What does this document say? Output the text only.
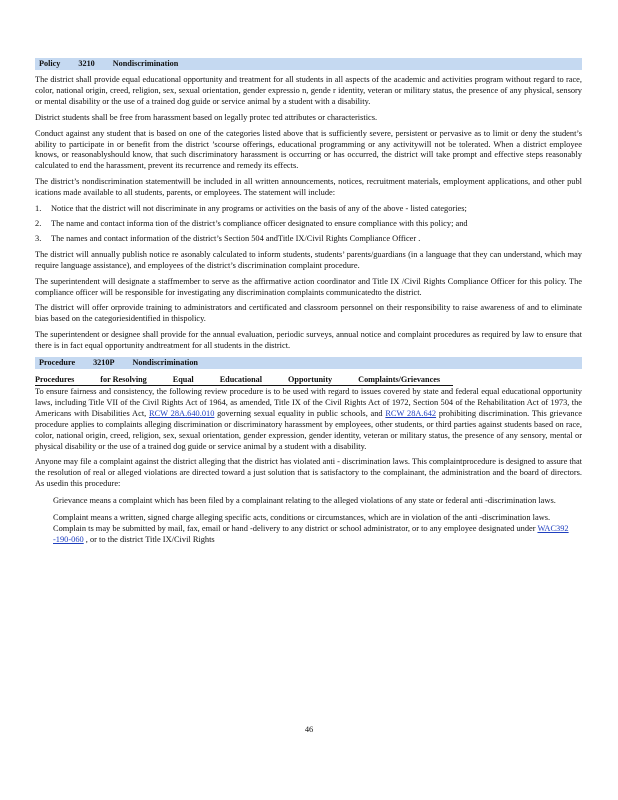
Policy 3210 Nondiscrimination

The district shall provide equal educational opportunity and treatment for all students in all aspects of the academic and activities program without regard to race, color, national origin, creed, religion, sex, sexual orientation, gender expressio n, gende r identity, veteran or military status, the presence of any physical, sensory or mental disability or the use of a trained dog guide or service animal by a student with a disability.

District students shall be free from harassment based on legally protec ted attributes or characteristics.

Conduct against any student that is based on one of the categories listed above that is sufficiently severe, persistent or pervasive as to limit or deny the student’s ability to participate in or benefit from the district ’scourse offerings, educational programming or any activitywill not be tolerated. When a district employee knows, or reasonablyshould know, that such discriminatory harassment is occurring or has occurred, the district will take prompt and effective steps reasonably calculated to end the harassment, prevent its recurrence and remedy its effects.

The district’s nondiscrimination statementwill be included in all written announcements, notices, recruitment materials, employment applications, and other publ ications made available to all students, parents, or employees. The statement will include:

1.	Notice that the district will not discriminate in any programs or activities on the basis of any of the above - listed categories;
2.	The name and contact informa tion of the district’s compliance officer designated to ensure compliance with this policy; and
3.	The names and contact information of the district’s Section 504 andTitle IX/Civil Rights Compliance Officer .

The district will annually publish notice re asonably calculated to inform students, students’ parents/guardians (in a language that they can understand, which may require language assistance), and employees of the district’s discrimination complaint procedure.

The superintendent will designate a staffmember to serve as the affirmative action coordinator and Title IX /Civil Rights Compliance Officer for this policy. The compliance officer will be responsible for investigating any discrimination complaints communicatedto the district.

The district will offer orprovide training to administrators and certificated and classroom personnel on their responsibility to raise awareness of and to eliminate bias based on the categoriesidentified in thispolicy.

The superintendent or designee shall provide for the annual evaluation, periodic surveys, annual notice and complaint procedures as required by law to ensure that there is in fact equal opportunity andtreatment for all students in the district.

Procedure 3210P Nondiscrimination
Procedures	for Resolving	Equal	Educational	Opportunity	Complaints/Grievances

To ensure fairness and consistency, the following review procedure is to be used with regard to issues covered by state and federal equal educational opportunity laws, including Title VII of the Civil Rights Act of 1964, as amended, Title IX of the Civil Rights Act of 1972, Section 504 of the Rehabilitation Act of 1973, the Americans with Disabilities Act, RCW 28A.640.010 governing sexual equality in public schools, and RCW 28A.642 prohibiting discrimination. This grievance procedure applies to complaints alleging discrimination or discriminatory harassment by employees, other students, or third parties against students based on race, color, national origin, creed, religion, sex, sexual orientation, gender expression, gender identity, veteran or military status, the presence of any sensory, mental or physical disability or the use of a trained dog guide or service animal by a student with a disability.

Anyone may file a complaint against the district alleging that the district has violated anti - discrimination laws. This complaintprocedure is designed to assure that the resolution of real or alleged violations are directed toward a just solution that is satisfactory to the complainant, the administration and the board of directors. As usedin this procedure:

Grievance means a complaint which has been filed by a complainant relating to the alleged violations of any state or federal anti -discrimination laws.
Complaint means a written, signed charge alleging specific acts, conditions or circumstances, which are in violation of the anti -discrimination laws. Complain ts may be submitted by mail, fax, email or hand -delivery to any district or school administrator, or to any employee designated under WAC392 -190-060 , or to the district Title IX/Civil Rights
46
